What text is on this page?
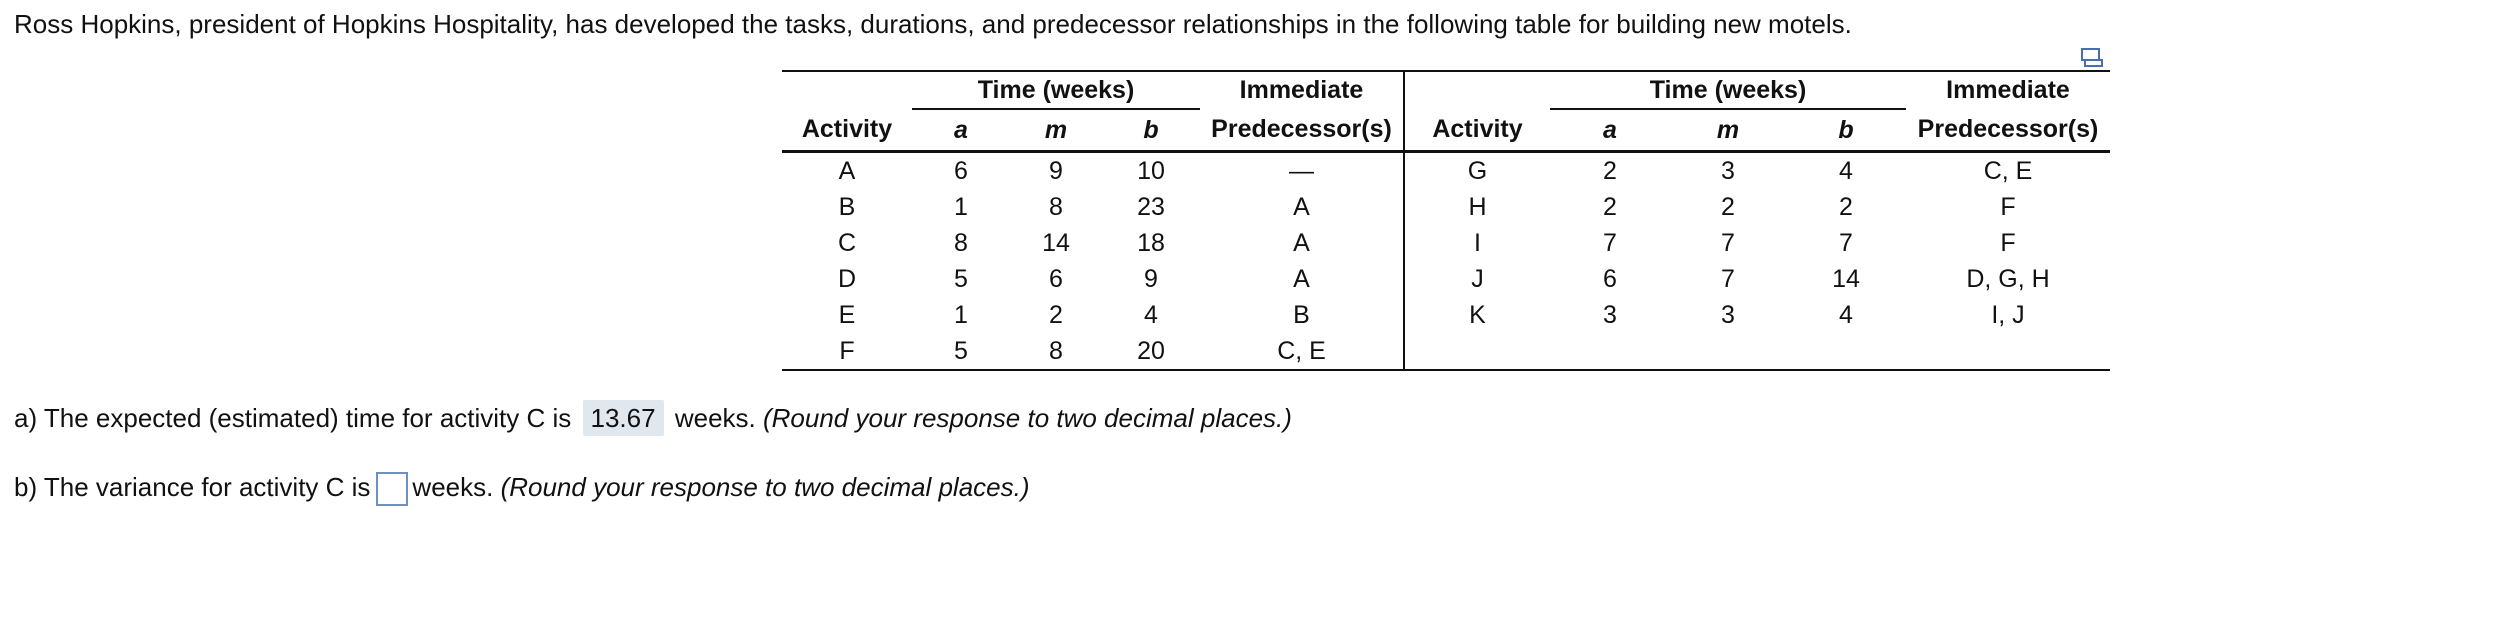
Ross Hopkins, president of Hopkins Hospitality, has developed the tasks, durations, and predecessor relationships in the following table for building new motels.
	Time (weeks)			Immediate		Time (weeks)			Immediate
Activity	a	m	b	Predecessor(s)	Activity	a	m	b	Predecessor(s)
A	6	9	10	—	G	2	3	4	C, E
B	1	8	23	A	H	2	2	2	F
C	8	14	18	A	I	7	7	7	F
D	5	6	9	A	J	6	7	14	D, G, H
E	1	2	4	B	K	3	3	4	I, J
F	5	8	20	C, E					
a) The expected (estimated) time for activity C is 13.67 weeks. (Round your response to two decimal places.)
b) The variance for activity C is weeks. (Round your response to two decimal places.)
